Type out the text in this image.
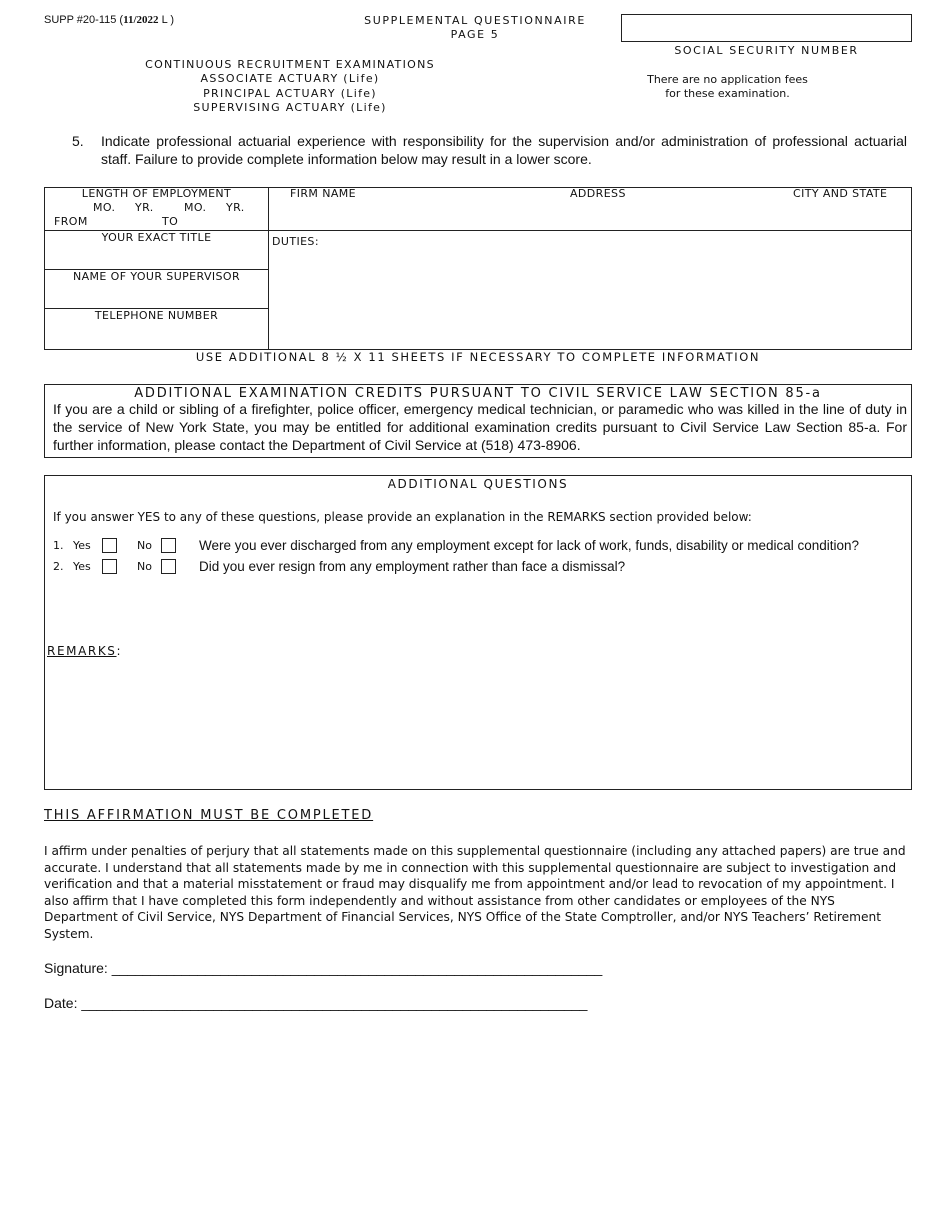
SUPP #20-115 (11/2022 L )	SUPPLEMENTAL QUESTIONNAIRE
PAGE 5
SOCIAL SECURITY NUMBER
CONTINUOUS RECRUITMENT EXAMINATIONS
ASSOCIATE ACTUARY (Life)
PRINCIPAL ACTUARY (Life)
SUPERVISING ACTUARY (Life)
There are no application fees
for these examination.
5. Indicate professional actuarial experience with responsibility for the supervision and/or administration of professional actuarial staff. Failure to provide complete information below may result in a lower score.
LENGTH OF EMPLOYMENT
MO. YR.	MO. YR.
FROM	TO
FIRM NAME	ADDRESS	CITY AND STATE
YOUR EXACT TITLE
NAME OF YOUR SUPERVISOR
TELEPHONE NUMBER
DUTIES:
USE ADDITIONAL 8 ½ X 11 SHEETS IF NECESSARY TO COMPLETE INFORMATION
ADDITIONAL EXAMINATION CREDITS PURSUANT TO CIVIL SERVICE LAW SECTION 85-a
If you are a child or sibling of a firefighter, police officer, emergency medical technician, or paramedic who was killed in the line of duty in the service of New York State, you may be entitled for additional examination credits pursuant to Civil Service Law Section 85-a. For further information, please contact the Department of Civil Service at (518) 473-8906.
ADDITIONAL QUESTIONS
If you answer YES to any of these questions, please provide an explanation in the REMARKS section provided below:
1. Yes	No	Were you ever discharged from any employment except for lack of work, funds, disability or medical condition?
2. Yes	No	Did you ever resign from any employment rather than face a dismissal?
REMARKS:
THIS AFFIRMATION MUST BE COMPLETED
I affirm under penalties of perjury that all statements made on this supplemental questionnaire (including any attached papers) are true and accurate. I understand that all statements made by me in connection with this supplemental questionnaire are subject to investigation and verification and that a material misstatement or fraud may disqualify me from appointment and/or lead to revocation of my appointment. I also affirm that I have completed this form independently and without assistance from other candidates or employees of the NYS Department of Civil Service, NYS Department of Financial Services, NYS Office of the State Comptroller, and/or NYS Teachers’ Retirement System.
Signature: _______________________________________________________________
Date: _________________________________________________________________
